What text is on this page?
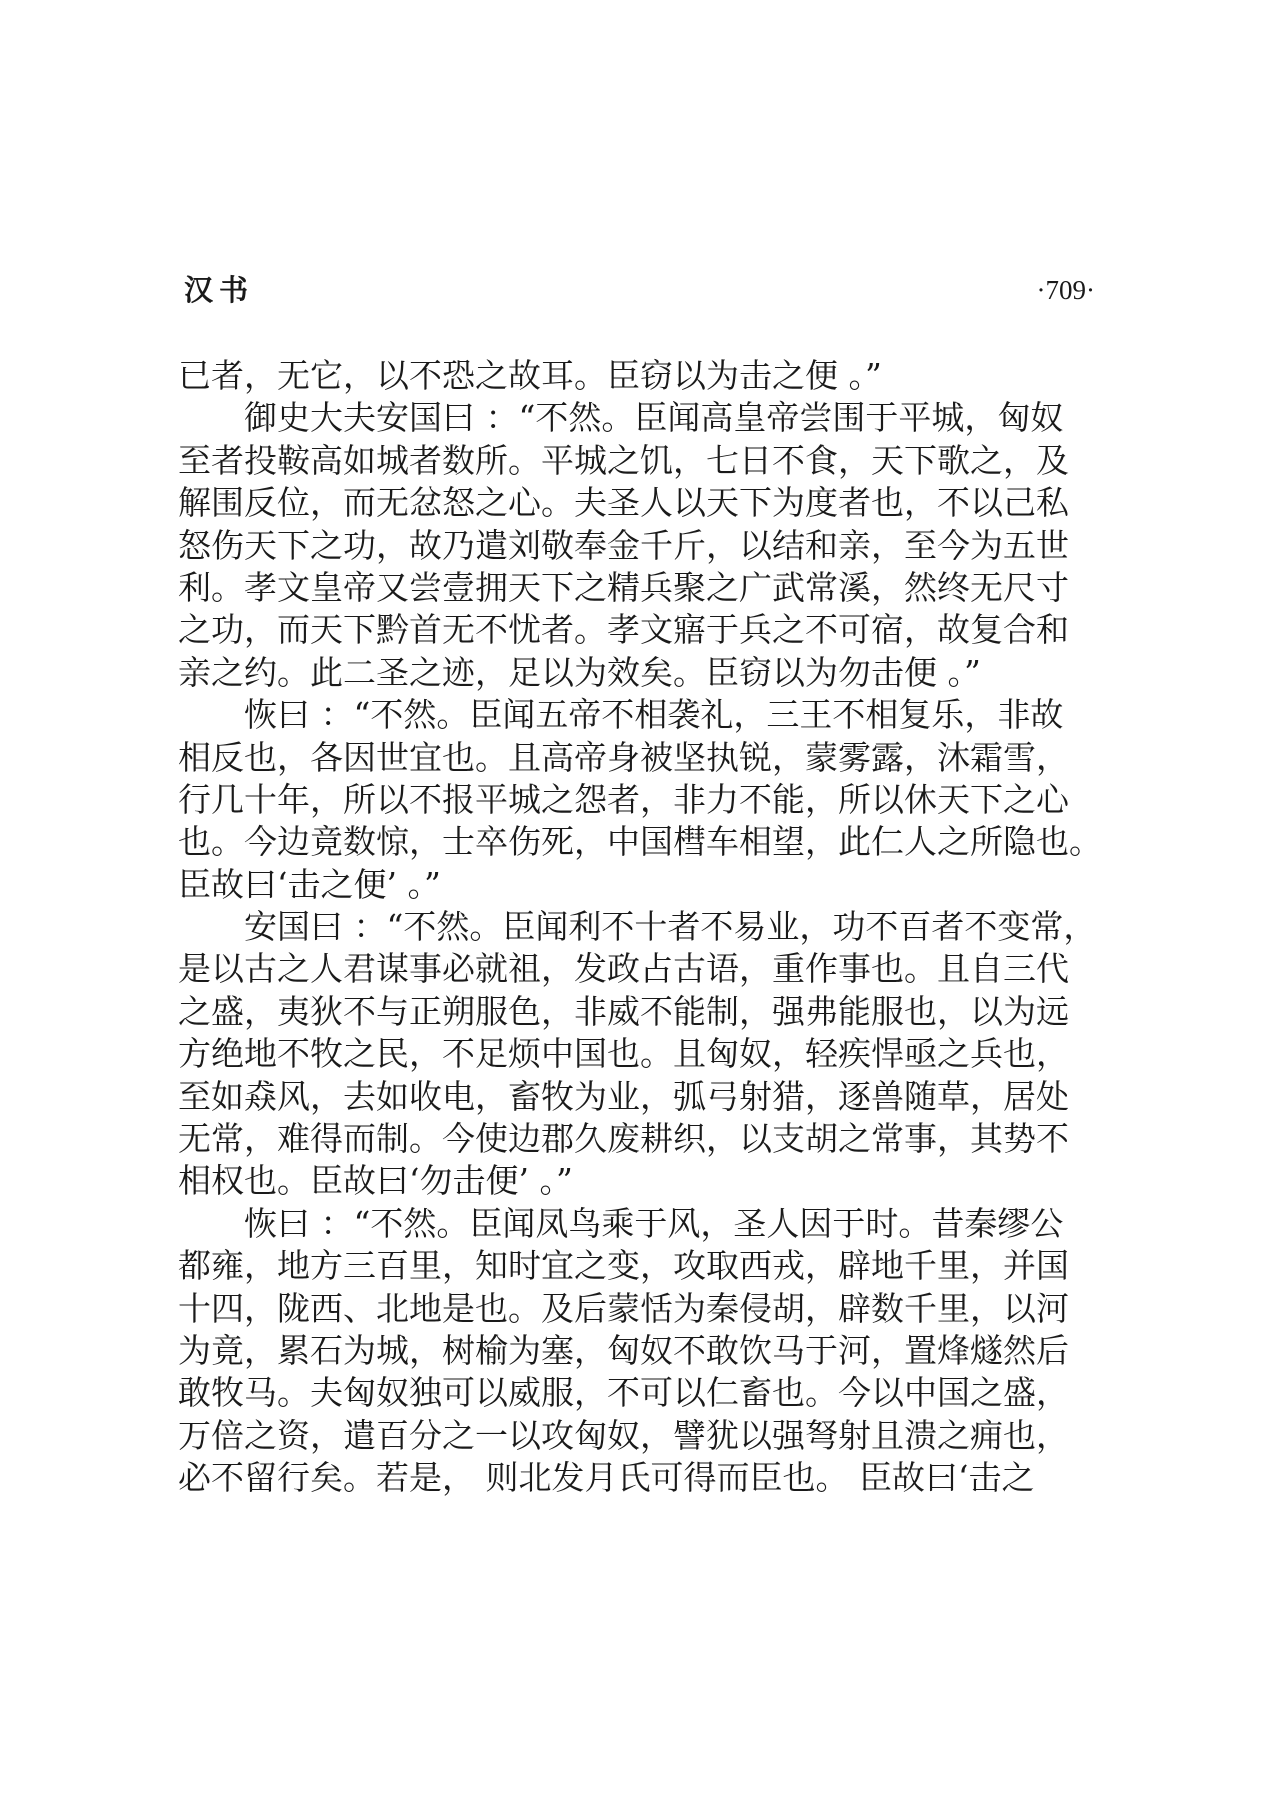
汉书	·709·
已者，无它，以不恐之故耳。臣窃以为击之便 。”
御史大夫安国曰 ：“不然。臣闻高皇帝尝围于平城，匈奴
至者投鞍高如城者数所。平城之饥，七日不食，天下歌之，及
解围反位，而无忿怒之心。夫圣人以天下为度者也，不以己私
怒伤天下之功，故乃遣刘敬奉金千斤，以结和亲，至今为五世
利。孝文皇帝又尝壹拥天下之精兵聚之广武常溪，然终无尺寸
之功，而天下黔首无不忧者。孝文寤于兵之不可宿，故复合和
亲之约。此二圣之迹，足以为效矣。臣窃以为勿击便 。”
恢曰 ：“不然。臣闻五帝不相袭礼，三王不相复乐，非故
相反也，各因世宜也。且高帝身被坚执锐，蒙雾露，沐霜雪，
行几十年，所以不报平城之怨者，非力不能，所以休天下之心
也。今边竟数惊，士卒伤死，中国槥车相望，此仁人之所隐也。
臣故曰‘击之便’ 。”
安国曰 ：“不然。臣闻利不十者不易业，功不百者不变常，
是以古之人君谋事必就祖，发政占古语，重作事也。且自三代
之盛，夷狄不与正朔服色，非威不能制，强弗能服也，以为远
方绝地不牧之民，不足烦中国也。且匈奴，轻疾悍亟之兵也，
至如猋风，去如收电，畜牧为业，弧弓射猎，逐兽随草，居处
无常，难得而制。今使边郡久废耕织，以支胡之常事，其势不
相权也。臣故曰‘勿击便’ 。”
恢曰 ：“不然。臣闻凤鸟乘于风，圣人因于时。昔秦缪公
都雍，地方三百里，知时宜之变，攻取西戎，辟地千里，并国
十四，陇西、北地是也。及后蒙恬为秦侵胡，辟数千里，以河
为竟，累石为城，树榆为塞，匈奴不敢饮马于河，置烽燧然后
敢牧马。夫匈奴独可以威服，不可以仁畜也。今以中国之盛，
万倍之资，遣百分之一以攻匈奴，譬犹以强弩射且溃之痈也，
必不留行矣。若是， 则北发月氏可得而臣也。 臣故曰‘击之
